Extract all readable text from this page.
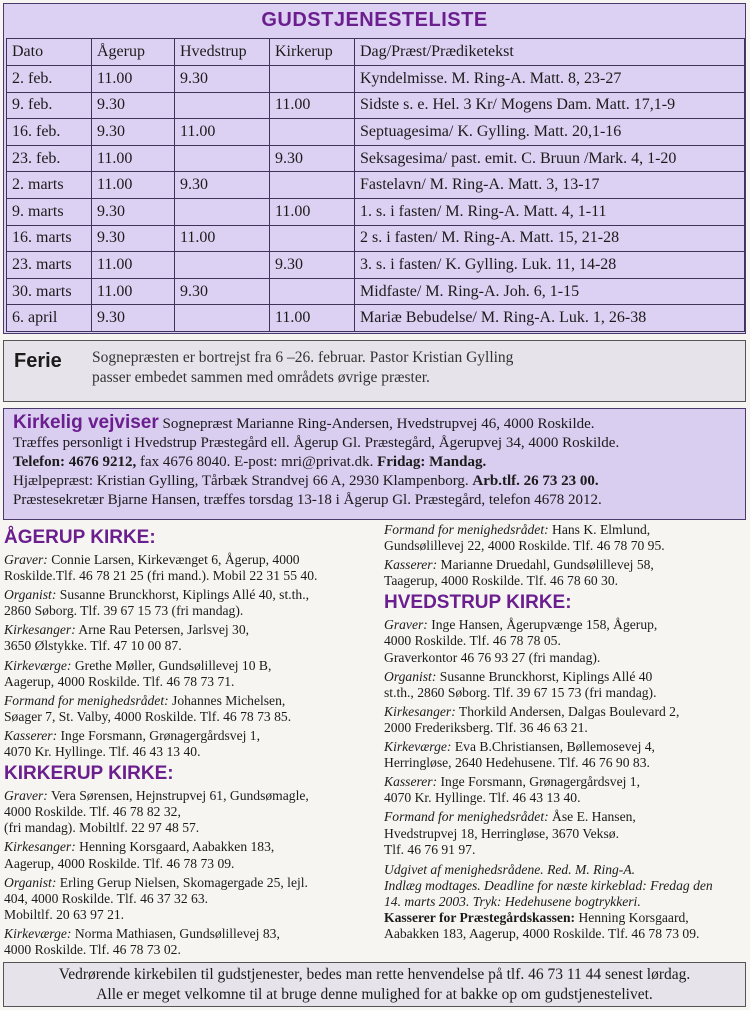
GUDSTJENESTELISTE
Dato	Ågerup	Hvedstrup	Kirkerup	Dag/Præst/Prædiketekst
2. feb.	11.00	9.30		Kyndelmisse. M. Ring-A. Matt. 8, 23-27
9. feb.	9.30		11.00	Sidste s. e. Hel. 3 Kr/ Mogens Dam. Matt. 17,1-9
16. feb.	9.30	11.00		Septuagesima/ K. Gylling. Matt. 20,1-16
23. feb.	11.00		9.30	Seksagesima/ past. emit. C. Bruun /Mark. 4, 1-20
2. marts	11.00	9.30		Fastelavn/ M. Ring-A. Matt. 3, 13-17
9. marts	9.30		11.00	1. s. i fasten/ M. Ring-A. Matt. 4, 1-11
16. marts	9.30	11.00		2 s. i fasten/ M. Ring-A. Matt. 15, 21-28
23. marts	11.00		9.30	3. s. i fasten/ K. Gylling. Luk. 11, 14-28
30. marts	11.00	9.30		Midfaste/ M. Ring-A. Joh. 6, 1-15
6. april	9.30		11.00	Mariæ Bebudelse/ M. Ring-A. Luk. 1, 26-38
Ferie	Sognepræsten er bortrejst fra 6 –26. februar. Pastor Kristian Gylling
passer embedet sammen med områdets øvrige præster.
Kirkelig vejviser Sognepræst Marianne Ring-Andersen, Hvedstrupvej 46, 4000 Roskilde.
Træffes personligt i Hvedstrup Præstegård ell. Ågerup Gl. Præstegård, Ågerupvej 34, 4000 Roskilde.
Telefon: 4676 9212, fax 4676 8040. E-post: mri@privat.dk. Fridag: Mandag.
Hjælpepræst: Kristian Gylling, Tårbæk Strandvej 66 A, 2930 Klampenborg. Arb.tlf. 26 73 23 00.
Præstesekretær Bjarne Hansen, træffes torsdag 13-18 i Ågerup Gl. Præstegård, telefon 4678 2012.
ÅGERUP KIRKE:
Graver: Connie Larsen, Kirkevænget 6, Ågerup, 4000
Roskilde.Tlf. 46 78 21 25 (fri mand.). Mobil 22 31 55 40.
Organist: Susanne Brunckhorst, Kiplings Allé 40, st.th.,
2860 Søborg. Tlf. 39 67 15 73 (fri mandag).
Kirkesanger: Arne Rau Petersen, Jarlsvej 30,
3650 Ølstykke. Tlf. 47 10 00 87.
Kirkeværge: Grethe Møller, Gundsølillevej 10 B,
Aagerup, 4000 Roskilde. Tlf. 46 78 73 71.
Formand for menighedsrådet: Johannes Michelsen,
Søager 7, St. Valby, 4000 Roskilde. Tlf. 46 78 73 85.
Kasserer: Inge Forsmann, Grønagergårdsvej 1,
4070 Kr. Hyllinge. Tlf. 46 43 13 40.
KIRKERUP KIRKE:
Graver: Vera Sørensen, Hejnstrupvej 61, Gundsømagle,
4000 Roskilde. Tlf. 46 78 82 32,
(fri mandag). Mobiltlf. 22 97 48 57.
Kirkesanger: Henning Korsgaard, Aabakken 183,
Aagerup, 4000 Roskilde. Tlf. 46 78 73 09.
Organist: Erling Gerup Nielsen, Skomagergade 25, lejl.
404, 4000 Roskilde. Tlf. 46 37 32 63.
Mobiltlf. 20 63 97 21.
Kirkeværge: Norma Mathiasen, Gundsølillevej 83,
4000 Roskilde. Tlf. 46 78 73 02.
Formand for menighedsrådet: Hans K. Elmlund,
Gundsølillevej 22, 4000 Roskilde. Tlf. 46 78 70 95.
Kasserer: Marianne Druedahl, Gundsølillevej 58,
Taagerup, 4000 Roskilde. Tlf. 46 78 60 30.
HVEDSTRUP KIRKE:
Graver: Inge Hansen, Ågerupvænge 158, Ågerup,
4000 Roskilde. Tlf. 46 78 78 05.
Graverkontor 46 76 93 27 (fri mandag).
Organist: Susanne Brunckhorst, Kiplings Allé 40
st.th., 2860 Søborg. Tlf. 39 67 15 73 (fri mandag).
Kirkesanger: Thorkild Andersen, Dalgas Boulevard 2,
2000 Frederiksberg. Tlf. 36 46 63 21.
Kirkeværge: Eva B.Christiansen, Bøllemosevej 4,
Herringløse, 2640 Hedehusene. Tlf. 46 76 90 83.
Kasserer: Inge Forsmann, Grønagergårdsvej 1,
4070 Kr. Hyllinge. Tlf. 46 43 13 40.
Formand for menighedsrådet: Åse E. Hansen,
Hvedstrupvej 18, Herringløse, 3670 Veksø.
Tlf. 46 76 91 97.
Udgivet af menighedsrådene. Red. M. Ring-A.
Indlæg modtages. Deadline for næste kirkeblad: Fredag den
14. marts 2003. Tryk: Hedehusene bogtrykkeri.
Kasserer for Præstegårdskassen: Henning Korsgaard,
Aabakken 183, Aagerup, 4000 Roskilde. Tlf. 46 78 73 09.
Vedrørende kirkebilen til gudstjenester, bedes man rette henvendelse på tlf. 46 73 11 44 senest lørdag.
Alle er meget velkomne til at bruge denne mulighed for at bakke op om gudstjenestelivet.
